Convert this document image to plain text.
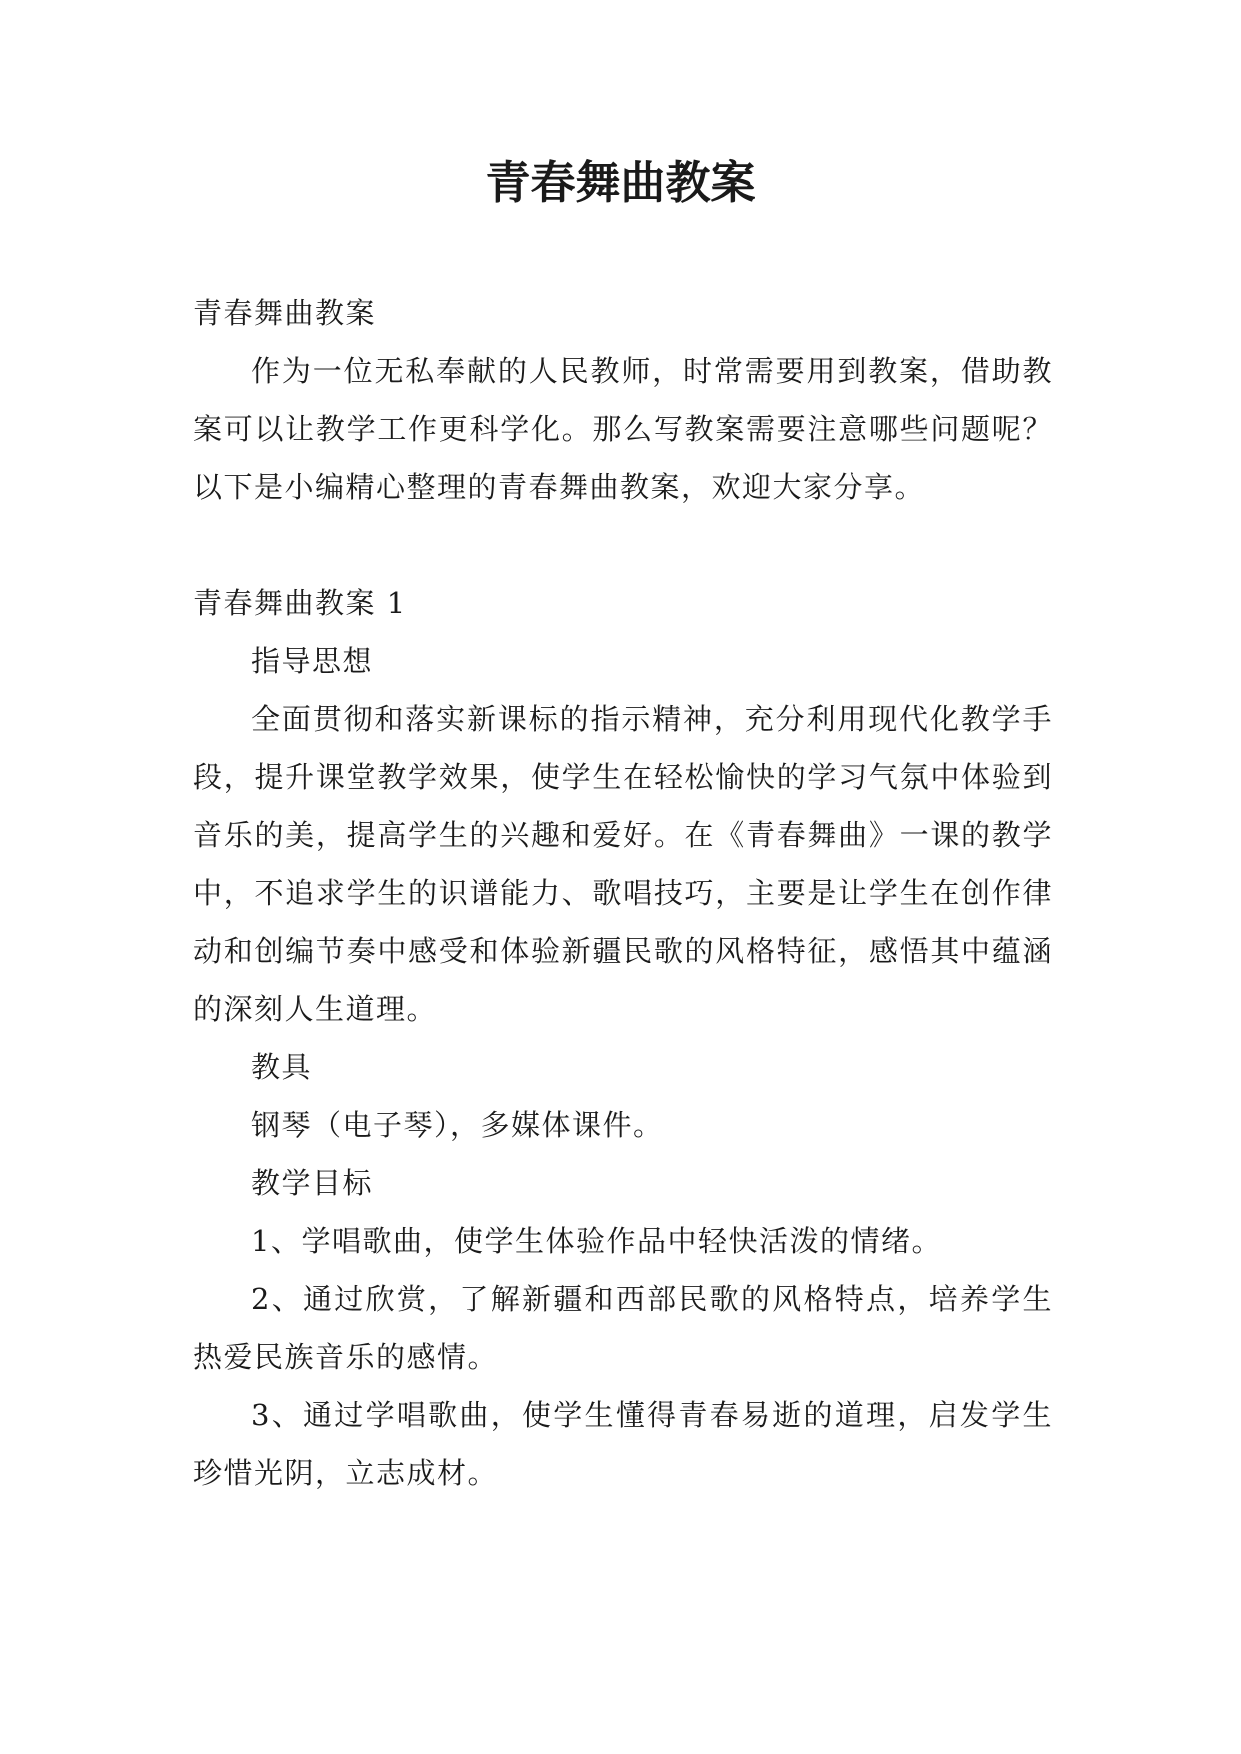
青春舞曲教案

青春舞曲教案

作为一位无私奉献的人民教师，时常需要用到教案，借助教案可以让教学工作更科学化。那么写教案需要注意哪些问题呢？以下是小编精心整理的青春舞曲教案，欢迎大家分享。

青春舞曲教案 1

指导思想

全面贯彻和落实新课标的指示精神，充分利用现代化教学手段，提升课堂教学效果，使学生在轻松愉快的学习气氛中体验到音乐的美，提高学生的兴趣和爱好。在《青春舞曲》一课的教学中，不追求学生的识谱能力、歌唱技巧，主要是让学生在创作律动和创编节奏中感受和体验新疆民歌的风格特征，感悟其中蕴涵的深刻人生道理。

教具

钢琴（电子琴），多媒体课件。

教学目标

1、学唱歌曲，使学生体验作品中轻快活泼的情绪。

2、通过欣赏，了解新疆和西部民歌的风格特点，培养学生热爱民族音乐的感情。

3、通过学唱歌曲，使学生懂得青春易逝的道理，启发学生珍惜光阴，立志成材。
